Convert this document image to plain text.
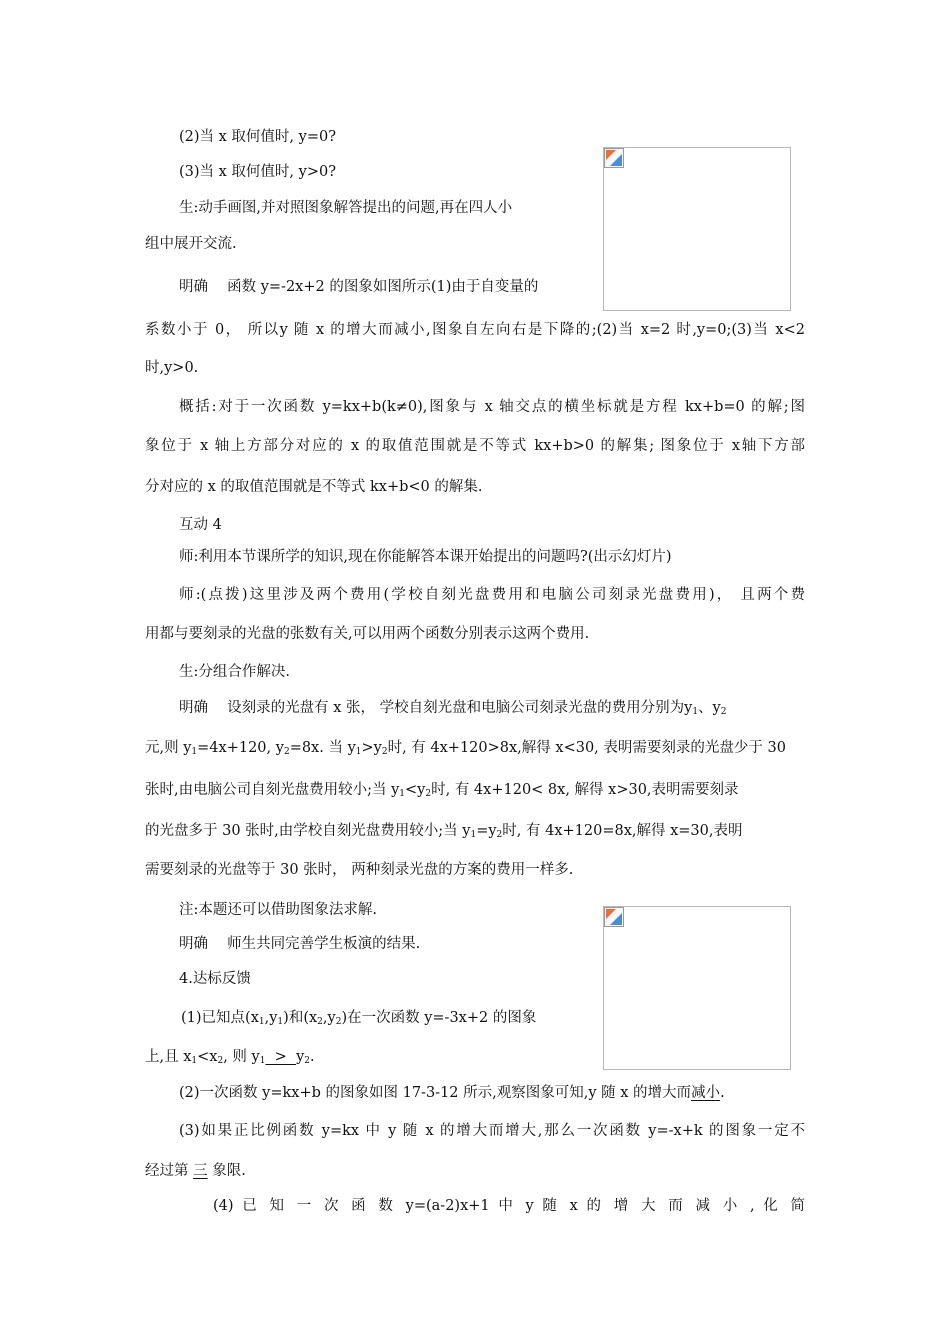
(2)当 x 取何值时, y=0?
(3)当 x 取何值时, y>0?
生:动手画图,并对照图象解答提出的问题,再在四人小
组中展开交流.
明确　 函数 y=-2x+2 的图象如图所示(1)由于自变量的
系数小于 0， 所以y 随 x 的增大而减小,图象自左向右是下降的;(2)当 x=2 时,y=0;(3)当 x<2
时,y>0.
概括:对于一次函数 y=kx+b(k≠0),图象与 x 轴交点的横坐标就是方程 kx+b=0 的解;图
象位于 x 轴上方部分对应的 x 的取值范围就是不等式 kx+b>0 的解集; 图象位于 x轴下方部
分对应的 x 的取值范围就是不等式 kx+b<0 的解集.
互动 4
师:利用本节课所学的知识,现在你能解答本课开始提出的问题吗?(出示幻灯片)
师:(点拨)这里涉及两个费用(学校自刻光盘费用和电脑公司刻录光盘费用)， 且两个费
用都与要刻录的光盘的张数有关,可以用两个函数分别表示这两个费用.
生:分组合作解决.
明确　 设刻录的光盘有 x 张， 学校自刻光盘和电脑公司刻录光盘的费用分别为$y_1$、$y_2$
元,则 $y_1=4x+120$, $y_2=8x$. 当 $y_1>y_2$时, 有 4x+120>8x,解得 x<30, 表明需要刻录的光盘少于 30
张时,由电脑公司自刻光盘费用较小;当 $y_1<y_2$时, 有 4x+120< 8x, 解得 x>30,表明需要刻录
的光盘多于 30 张时,由学校自刻光盘费用较小;当 $y_1=y_2$时, 有 4x+120=8x,解得 x=30,表明
需要刻录的光盘等于 30 张时， 两种刻录光盘的方案的费用一样多.
注:本题还可以借助图象法求解.
明确　 师生共同完善学生板演的结果.
4.达标反馈
(1)已知点$(x_1,y_1)$和$(x_2,y_2)$在一次函数 y=-3x+2 的图象
上,且 $x_1<x_2$, 则 $y_1 > y_2$.
(2)一次函数 y=kx+b 的图象如图 17-3-12 所示,观察图象可知,y 随 x 的增大而减小.
(3)如果正比例函数 y=kx 中 y 随 x 的增大而增大,那么一次函数 y=-x+k 的图象一定不
经过第 三 象限.
(4) 已 知 一 次 函 数 y=(a-2)x+1 中 y 随 x 的 增 大 而 减 小 , 化 简
